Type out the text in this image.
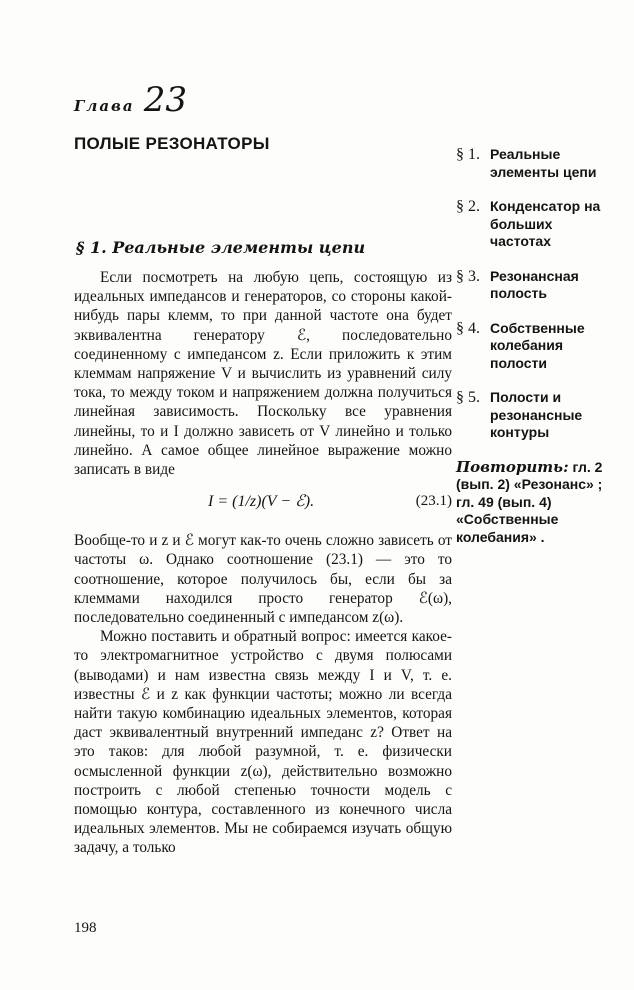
Глава 23
ПОЛЫЕ РЕЗОНАТОРЫ
§ 1. Реальные элементы цепи

Если посмотреть на любую цепь, состоящую из идеальных импедансов и генераторов, со стороны какой-нибудь пары клемм, то при данной частоте она будет эквивалентна генератору ℰ, последовательно соединенному с импедансом z. Если приложить к этим клеммам напряжение V и вычислить из уравнений силу тока, то между током и напряжением должна получиться линейная зависимость. Поскольку все уравнения линейны, то и I должно зависеть от V линейно и только линейно. А самое общее линейное выражение можно записать в виде

I = (1/z)(V − ℰ).	(23.1)

Вообще-то и z и ℰ могут как-то очень сложно зависеть от частоты ω. Однако соотношение (23.1) — это то соотношение, которое получилось бы, если бы за клеммами находился просто генератор ℰ(ω), последовательно соединенный с импедансом z(ω).

Можно поставить и обратный вопрос: имеется какое-то электромагнитное устройство с двумя полюсами (выводами) и нам известна связь между I и V, т. е. известны ℰ и z как функции частоты; можно ли всегда найти такую комбинацию идеальных элементов, которая даст эквивалентный внутренний импеданс z? Ответ на это таков: для любой разумной, т. е. физически осмысленной функции z(ω), действительно возможно построить с любой степенью точности модель с помощью контура, составленного из конечного числа идеальных элементов. Мы не собираемся изучать общую задачу, а только

§ 1. Реальные элементы цепи
§ 2. Конденсатор на больших частотах
§ 3. Резонансная полость
§ 4. Собственные колебания полости
§ 5. Полости и резонансные контуры
Повторить: гл. 2 (вып. 2) «Резонанс» ; гл. 49 (вып. 4) «Собственные колебания» .
198
